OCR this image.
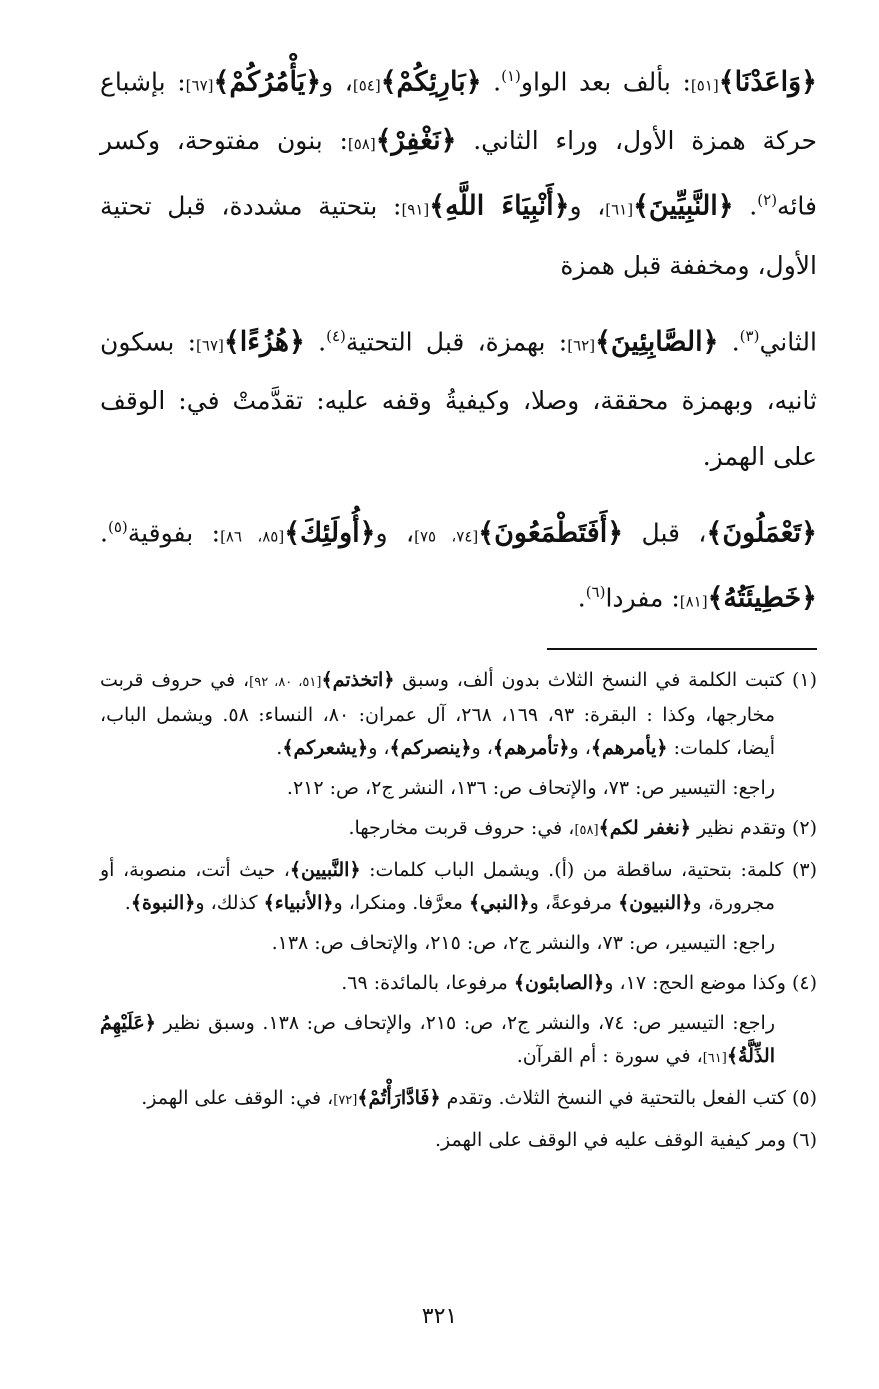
﴿وَاعَدْنَا﴾[٥١]: بألف بعد الواو$^{(١)}$. ﴿بَارِئِكُمْ﴾[٥٤]، و﴿يَأْمُرُكُمْ﴾[٦٧]: بإشباع حركة همزة الأول، وراء الثاني. ﴿نَغْفِرْ﴾[٥٨]: بنون مفتوحة، وكسر فائه$^{(٢)}$. ﴿النَّبِيِّينَ﴾[٦١]، و﴿أَنْبِيَاءَ اللَّهِ﴾[٩١]: بتحتية مشددة، قبل تحتية الأول، ومخففة قبل همزة

الثاني$^{(٣)}$. ﴿الصَّابِئِينَ﴾[٦٢]: بهمزة، قبل التحتية$^{(٤)}$. ﴿هُزُءًا﴾[٦٧]: بسكون ثانيه، وبهمزة محققة، وصلا، وكيفيةُ وقفه عليه: تقدَّمتْ في: الوقف على الهمز.

﴿تَعْمَلُونَ﴾، قبل ﴿أَفَتَطْمَعُونَ﴾[٧٤، ٧٥]، و﴿أُولَئِكَ﴾[٨٥، ٨٦]: بفوقية$^{(٥)}$. ﴿خَطِيئَتُهُ﴾[٨١]: مفردا$^{(٦)}$.

(١) كتبت الكلمة في النسخ الثلاث بدون ألف، وسبق ﴿اتخذتم﴾[٥١، ٨٠، ٩٢]، في حروف قربت مخارجها، وكذا : البقرة: ٩٣، ١٦٩، ٢٦٨، آل عمران: ٨٠، النساء: ٥٨. ويشمل الباب، أيضا، كلمات: ﴿يأمرهم﴾، و﴿تأمرهم﴾، و﴿ينصركم﴾، و﴿يشعركم﴾.
راجع: التيسير ص: ٧٣، والإتحاف ص: ١٣٦، النشر ج٢، ص: ٢١٢.
(٢) وتقدم نظير ﴿نغفر لكم﴾[٥٨]، في: حروف قربت مخارجها.
(٣) كلمة: بتحتية، ساقطة من (أ). ويشمل الباب كلمات: ﴿النَّبيين﴾، حيث أتت، منصوبة، أو مجرورة، و﴿النبيون﴾ مرفوعةً، و﴿النبي﴾ معرَّفا. ومنكرا، و﴿الأنبياء﴾ كذلك، و﴿النبوة﴾.
راجع: التيسير، ص: ٧٣، والنشر ج٢، ص: ٢١٥، والإتحاف ص: ١٣٨.
(٤) وكذا موضع الحج: ١٧، و﴿الصابئون﴾ مرفوعا، بالمائدة: ٦٩.
راجع: التيسير ص: ٧٤، والنشر ج٢، ص: ٢١٥، والإتحاف ص: ١٣٨. وسبق نظير ﴿عَلَيْهِمُ الذِّلَّةُ﴾[٦١]، في سورة : أم القرآن.
(٥) كتب الفعل بالتحتية في النسخ الثلاث. وتقدم ﴿فَادَّارَأْتُمْ﴾[٧٢]، في: الوقف على الهمز.
(٦) ومر كيفية الوقف عليه في الوقف على الهمز.
٣٢١
